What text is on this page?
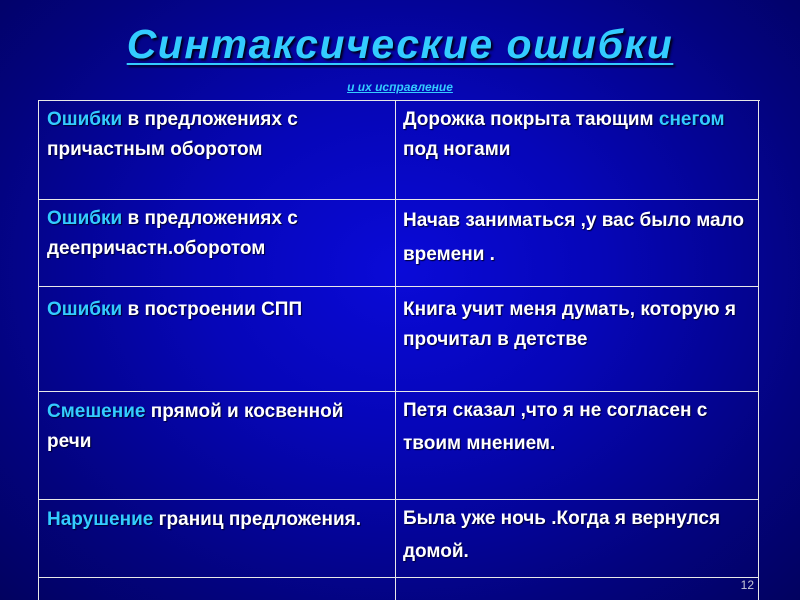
Синтаксические ошибки
и их исправление
Ошибки в предложениях с причастным оборотом
Дорожка покрыта тающим снегом под ногами
Ошибки в предложениях с деепричастн.оборотом
Начав заниматься ,у вас было мало времени .
Ошибки в построении СПП	Книга учит меня думать, которую я прочитал в детстве
Смешение прямой и косвенной речи
Петя сказал ,что я не согласен с твоим мнением.
Нарушение границ предложения.	Была уже ночь .Когда я вернулся домой.
12
